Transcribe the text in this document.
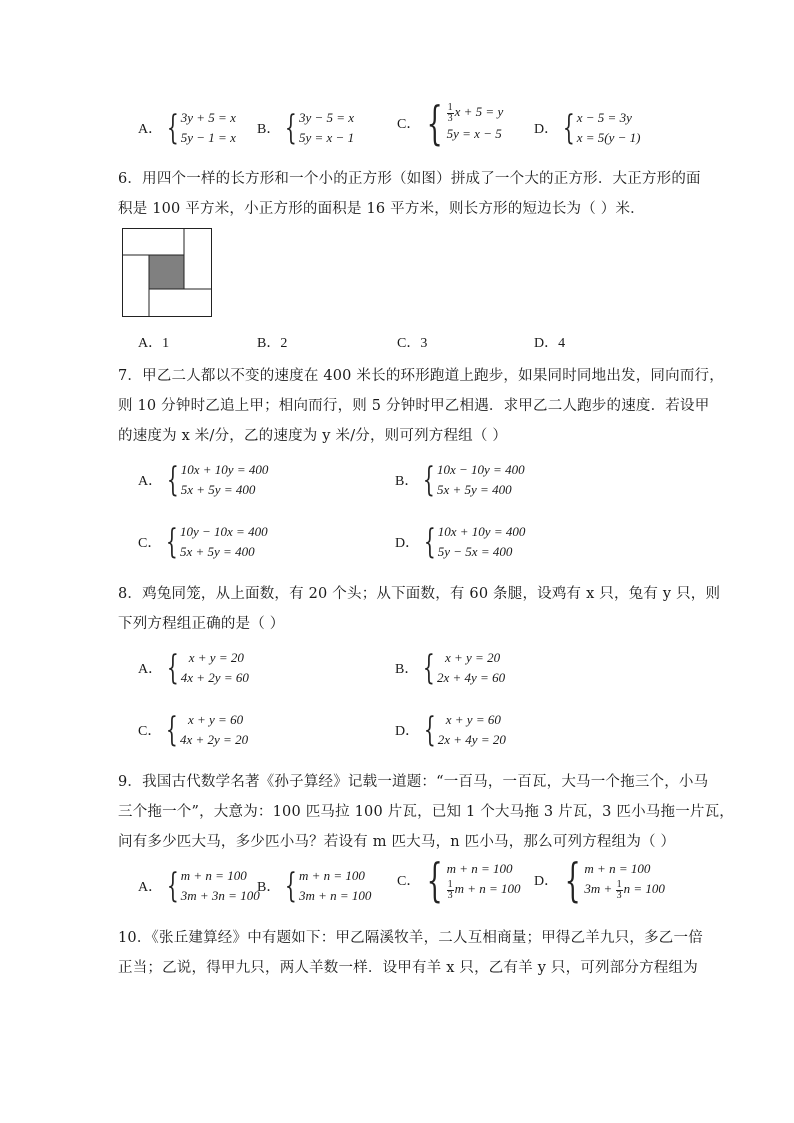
A． { 3y + 5 = x
5y − 1 = x
B． { 3y − 5 = x
5y = x − 1
C． { $\frac{1}{3}$ x + 5 = y
5y = x − 5 D． { x − 5 = 3y
x = 5(y − 1)
6．用四个一样的长方形和一个小的正方形（如图）拼成了一个大的正方形．大正方形的面
积是 100 平方米，小正方形的面积是 16 平方米，则长方形的短边长为（ ）米．
A．1	B．2	C．3	D．4
7．甲乙二人都以不变的速度在 400 米长的环形跑道上跑步，如果同时同地出发，同向而行，
则 10 分钟时乙追上甲；相向而行，则 5 分钟时甲乙相遇．求甲乙二人跑步的速度．若设甲
的速度为 x 米/分，乙的速度为 y 米/分，则可列方程组（ ）
A． { 10x + 10y = 400
5x + 5y = 400
B． { 10x − 10y = 400
5x + 5y = 400
C． { 10y − 10x = 400
5x + 5y = 400
D． { 10x + 10y = 400
5y − 5x = 400
8．鸡兔同笼，从上面数，有 20 个头；从下面数，有 60 条腿，设鸡有 x 只，兔有 y 只，则
下列方程组正确的是（ ）
A． { x + y = 20
4x + 2y = 60
B． { x + y = 20
2x + 4y = 60
C． { x + y = 60
4x + 2y = 20
D． { x + y = 60
2x + 4y = 20
9．我国古代数学名著《孙子算经》记载一道题：“一百马，一百瓦，大马一个拖三个，小马
三个拖一个”，大意为：100 匹马拉 100 片瓦，已知 1 个大马拖 3 片瓦，3 匹小马拖一片瓦，
问有多少匹大马，多少匹小马？若设有 m 匹大马，n 匹小马，那么可列方程组为（ ）
A． { m + n = 100
3m + 3n = 100
B． { m + n = 100
3m + n = 100
C． { m + n = 100
$\frac{1}{3}$ m + n = 100 D． { m + n = 100
$3m + \frac{1}{3}$ n = 100
10．《张丘建算经》中有题如下：甲乙隔溪牧羊，二人互相商量；甲得乙羊九只，多乙一倍
正当；乙说，得甲九只，两人羊数一样．设甲有羊 x 只，乙有羊 y 只，可列部分方程组为
